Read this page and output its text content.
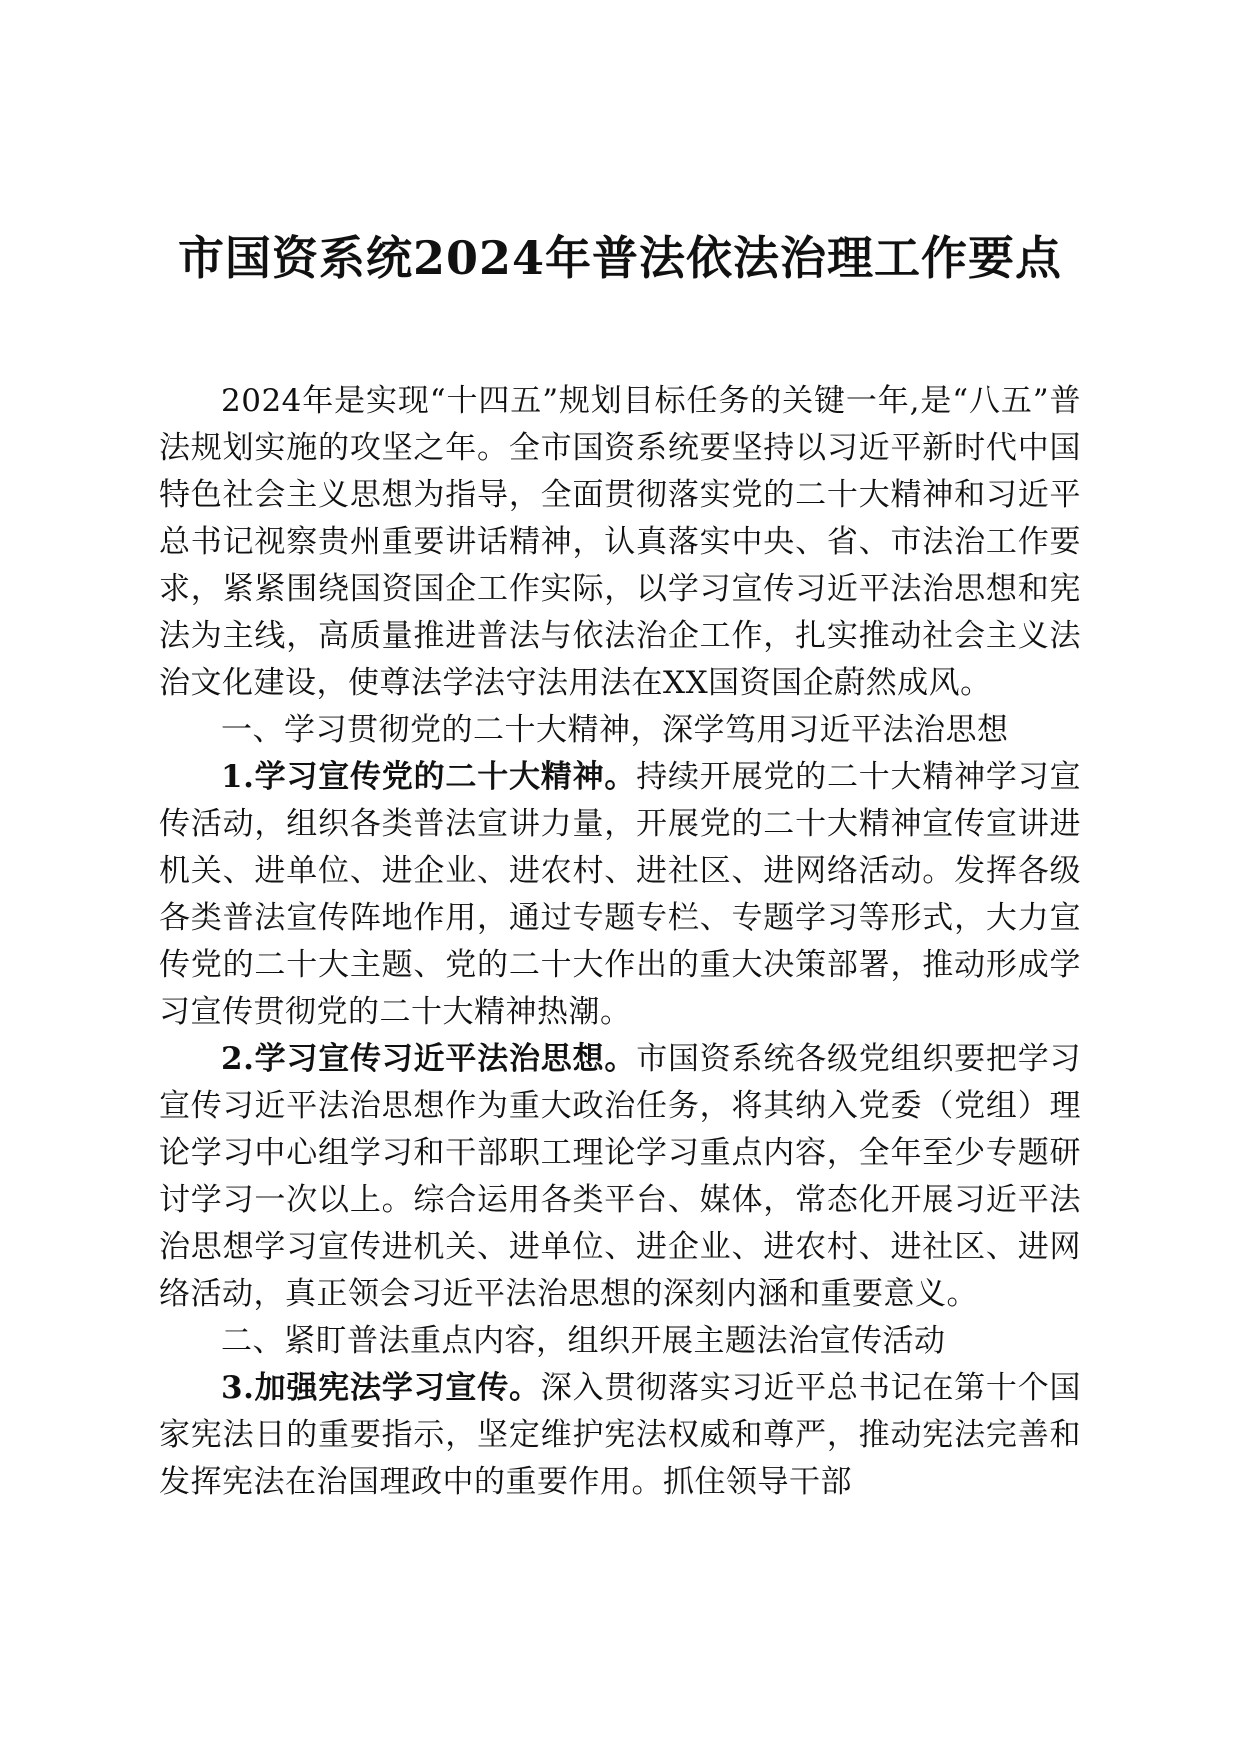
市国资系统2024年普法依法治理工作要点

2024年是实现“十四五”规划目标任务的关键一年,是“八五”普法规划实施的攻坚之年。全市国资系统要坚持以习近平新时代中国特色社会主义思想为指导，全面贯彻落实党的二十大精神和习近平总书记视察贵州重要讲话精神，认真落实中央、省、市法治工作要求，紧紧围绕国资国企工作实际，以学习宣传习近平法治思想和宪法为主线，高质量推进普法与依法治企工作，扎实推动社会主义法治文化建设，使尊法学法守法用法在XX国资国企蔚然成风。

一、学习贯彻党的二十大精神，深学笃用习近平法治思想

1.学习宣传党的二十大精神。持续开展党的二十大精神学习宣传活动，组织各类普法宣讲力量，开展党的二十大精神宣传宣讲进机关、进单位、进企业、进农村、进社区、进网络活动。发挥各级各类普法宣传阵地作用，通过专题专栏、专题学习等形式，大力宣传党的二十大主题、党的二十大作出的重大决策部署，推动形成学习宣传贯彻党的二十大精神热潮。

2.学习宣传习近平法治思想。市国资系统各级党组织要把学习宣传习近平法治思想作为重大政治任务，将其纳入党委（党组）理论学习中心组学习和干部职工理论学习重点内容，全年至少专题研讨学习一次以上。综合运用各类平台、媒体，常态化开展习近平法治思想学习宣传进机关、进单位、进企业、进农村、进社区、进网络活动，真正领会习近平法治思想的深刻内涵和重要意义。

二、紧盯普法重点内容，组织开展主题法治宣传活动

3.加强宪法学习宣传。深入贯彻落实习近平总书记在第十个国家宪法日的重要指示，坚定维护宪法权威和尊严，推动宪法完善和发挥宪法在治国理政中的重要作用。抓住领导干部
